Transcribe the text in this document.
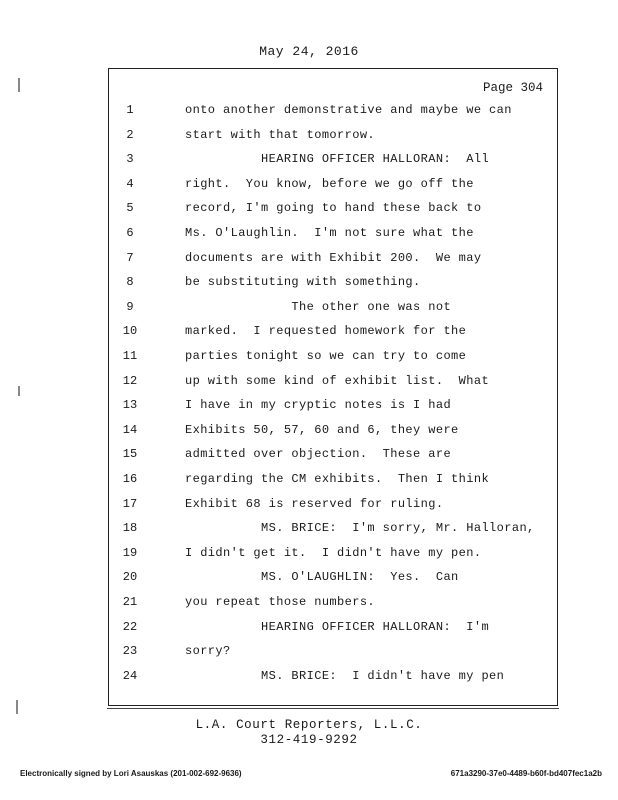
May 24, 2016
Page 304
1	onto another demonstrative and maybe we can
2	start with that tomorrow.
3	HEARING OFFICER HALLORAN:  All
4	right.  You know, before we go off the
5	record, I'm going to hand these back to
6	Ms. O'Laughlin.  I'm not sure what the
7	documents are with Exhibit 200.  We may
8	be substituting with something.
9	The other one was not
10	marked.  I requested homework for the
11	parties tonight so we can try to come
12	up with some kind of exhibit list.  What
13	I have in my cryptic notes is I had
14	Exhibits 50, 57, 60 and 6, they were
15	admitted over objection.  These are
16	regarding the CM exhibits.  Then I think
17	Exhibit 68 is reserved for ruling.
18	MS. BRICE:  I'm sorry, Mr. Halloran,
19	I didn't get it.  I didn't have my pen.
20	MS. O'LAUGHLIN:  Yes.  Can
21	you repeat those numbers.
22	HEARING OFFICER HALLORAN:  I'm
23	sorry?
24	MS. BRICE:  I didn't have my pen
L.A. Court Reporters, L.L.C.
312-419-9292
Electronically signed by Lori Asauskas (201-002-692-9636)	671a3290-37e0-4489-b60f-bd407fec1a2b
